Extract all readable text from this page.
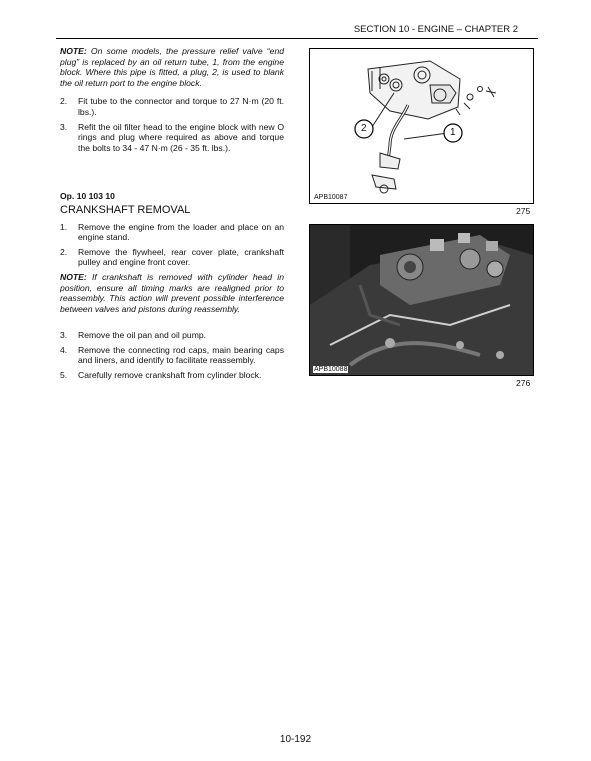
SECTION 10 - ENGINE – CHAPTER 2

NOTE: On some models, the pressure relief valve “end plug” is replaced by an oil return tube, 1, from the engine block. Where this pipe is fitted, a plug, 2, is used to blank the oil return port to the engine block.

2. Fit tube to the connector and torque to 27 N·m (20 ft. lbs.).
3. Refit the oil filter head to the engine block with new O rings and plug where required as above and torque the bolts to 34 - 47 N·m (26 - 35 ft. lbs.).
Op. 10 103 10
CRANKSHAFT REMOVAL
1. Remove the engine from the loader and place on an engine stand.
2. Remove the flywheel, rear cover plate, crankshaft pulley and engine front cover.

NOTE: If crankshaft is removed with cylinder head in position, ensure all timing marks are realigned prior to reassembly. This action will prevent possible interference between valves and pistons during reassembly.

3. Remove the oil pan and oil pump.
4. Remove the connecting rod caps, main bearing caps and liners, and identify to facilitate reassembly.
5. Carefully remove crankshaft from cylinder block.
2	1
APB10087
275
APB10088
276
10-192
